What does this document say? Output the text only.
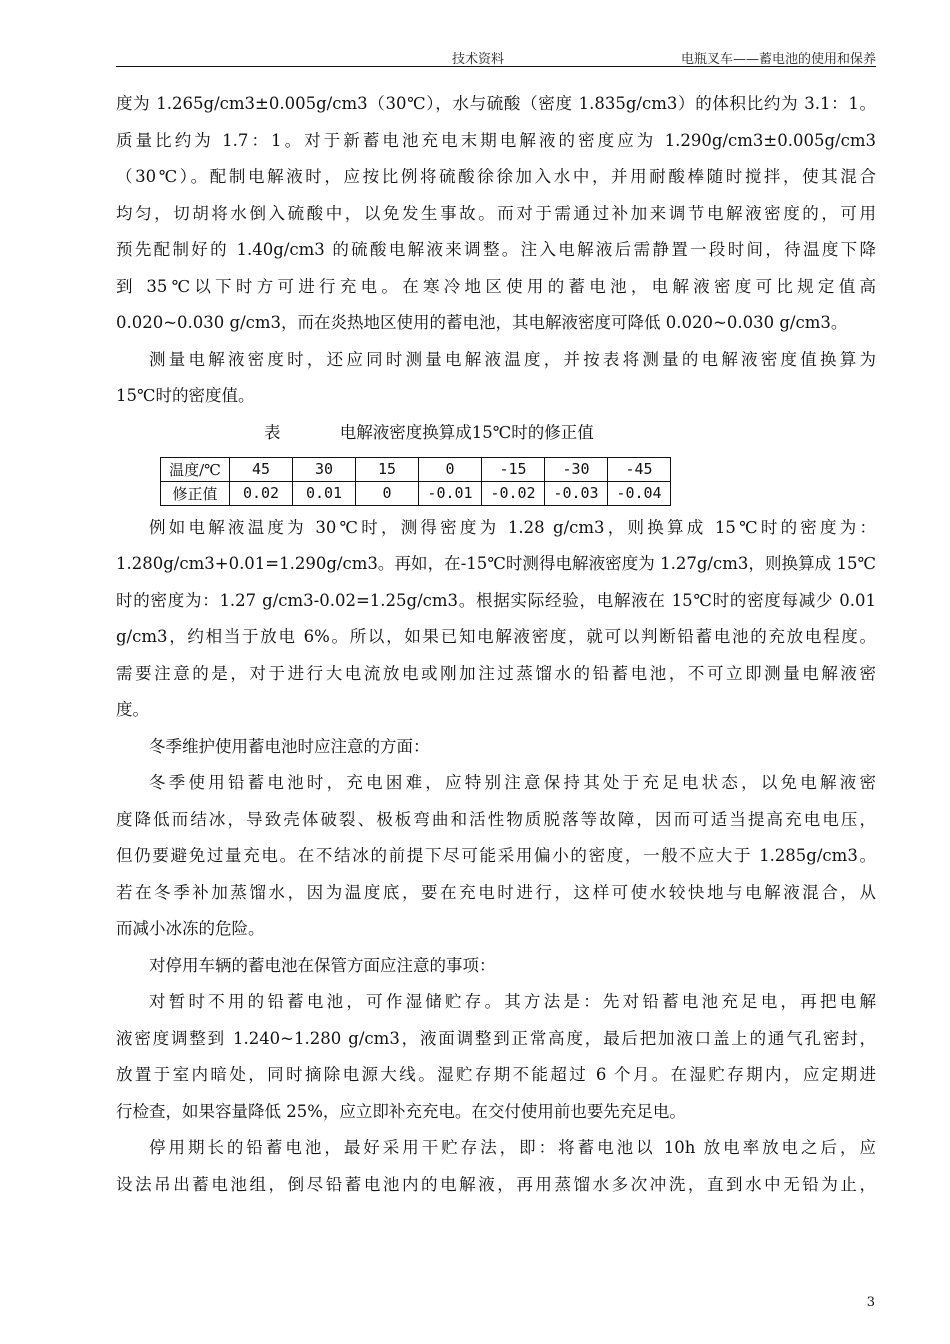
技术资料	电瓶叉车——蓄电池的使用和保养
度为 1.265g/cm3±0.005g/cm3（30℃），水与硫酸（密度 1.835g/cm3）的体积比约为 3.1：1。
质量比约为 1.7：1。对于新蓄电池充电末期电解液的密度应为 1.290g/cm3±0.005g/cm3
（30℃）。配制电解液时，应按比例将硫酸徐徐加入水中，并用耐酸棒随时搅拌，使其混合
均匀，切胡将水倒入硫酸中，以免发生事故。而对于需通过补加来调节电解液密度的，可用
预先配制好的 1.40g/cm3 的硫酸电解液来调整。注入电解液后需静置一段时间，待温度下降
到 35℃以下时方可进行充电。在寒冷地区使用的蓄电池，电解液密度可比规定值高
0.020~0.030 g/cm3，而在炎热地区使用的蓄电池，其电解液密度可降低 0.020~0.030 g/cm3。
测量电解液密度时，还应同时测量电解液温度，并按表将测量的电解液密度值换算为
15℃时的密度值。
表	电解液密度换算成15℃时的修正值
温度/℃	45	30	15	0	-15	-30	-45
修正值	0.02	0.01	0	-0.01	-0.02	-0.03	-0.04
例如电解液温度为 30℃时，测得密度为 1.28 g/cm3，则换算成 15℃时的密度为：
1.280g/cm3+0.01=1.290g/cm3。再如，在-15℃时测得电解液密度为 1.27g/cm3，则换算成 15℃
时的密度为：1.27 g/cm3-0.02=1.25g/cm3。根据实际经验，电解液在 15℃时的密度每减少 0.01
g/cm3，约相当于放电 6%。所以，如果已知电解液密度，就可以判断铅蓄电池的充放电程度。
需要注意的是，对于进行大电流放电或刚加注过蒸馏水的铅蓄电池，不可立即测量电解液密
度。
冬季维护使用蓄电池时应注意的方面：
冬季使用铅蓄电池时，充电困难，应特别注意保持其处于充足电状态，以免电解液密
度降低而结冰，导致壳体破裂、极板弯曲和活性物质脱落等故障，因而可适当提高充电电压，
但仍要避免过量充电。在不结冰的前提下尽可能采用偏小的密度，一般不应大于 1.285g/cm3。
若在冬季补加蒸馏水，因为温度底，要在充电时进行，这样可使水较快地与电解液混合，从
而减小冰冻的危险。
对停用车辆的蓄电池在保管方面应注意的事项：
对暂时不用的铅蓄电池，可作湿储贮存。其方法是：先对铅蓄电池充足电，再把电解
液密度调整到 1.240~1.280 g/cm3，液面调整到正常高度，最后把加液口盖上的通气孔密封，
放置于室内暗处，同时摘除电源大线。湿贮存期不能超过 6 个月。在湿贮存期内，应定期进
行检查，如果容量降低 25%，应立即补充充电。在交付使用前也要先充足电。
停用期长的铅蓄电池，最好采用干贮存法，即：将蓄电池以 10h 放电率放电之后，应
设法吊出蓄电池组，倒尽铅蓄电池内的电解液，再用蒸馏水多次冲洗，直到水中无铅为止，
3
